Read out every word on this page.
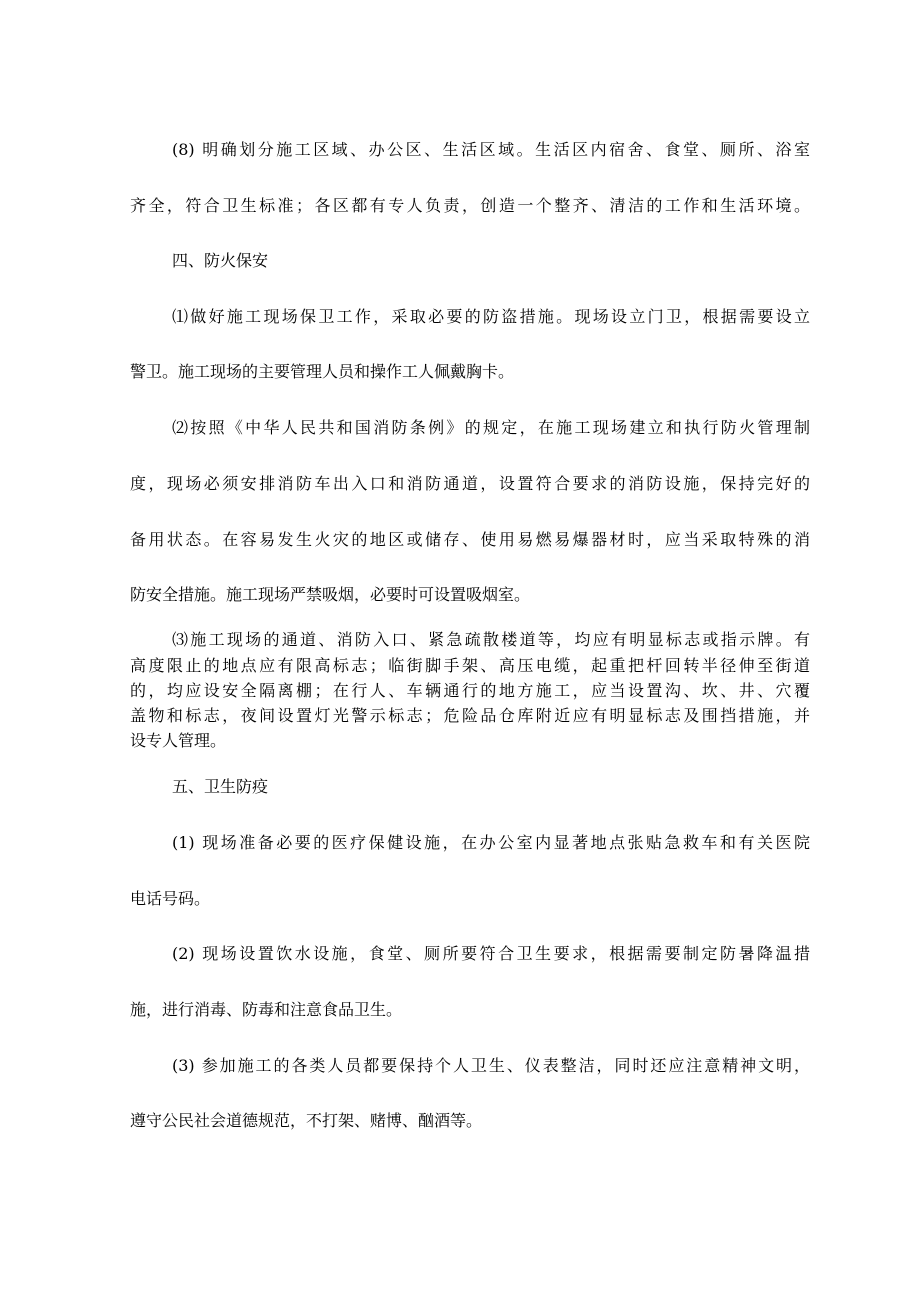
(8) 明确划分施工区域、办公区、生活区域。生活区内宿舍、食堂、厕所、浴室

齐全，符合卫生标准；各区都有专人负责，创造一个整齐、清洁的工作和生活环境。

四、防火保安

⑴做好施工现场保卫工作，采取必要的防盗措施。现场设立门卫，根据需要设立

警卫。施工现场的主要管理人员和操作工人佩戴胸卡。

⑵按照《中华人民共和国消防条例》的规定，在施工现场建立和执行防火管理制

度，现场必须安排消防车出入口和消防通道，设置符合要求的消防设施，保持完好的

备用状态。在容易发生火灾的地区或储存、使用易燃易爆器材时，应当采取特殊的消

防安全措施。施工现场严禁吸烟，必要时可设置吸烟室。

⑶施工现场的通道、消防入口、紧急疏散楼道等，均应有明显标志或指示牌。有

高度限止的地点应有限高标志；临街脚手架、高压电缆，起重把杆回转半径伸至街道

的，均应设安全隔离棚；在行人、车辆通行的地方施工，应当设置沟、坎、井、穴覆

盖物和标志，夜间设置灯光警示标志；危险品仓库附近应有明显标志及围挡措施，并

设专人管理。

五、卫生防疫

(1) 现场准备必要的医疗保健设施，在办公室内显著地点张贴急救车和有关医院

电话号码。

(2) 现场设置饮水设施，食堂、厕所要符合卫生要求，根据需要制定防暑降温措

施，进行消毒、防毒和注意食品卫生。

(3) 参加施工的各类人员都要保持个人卫生、仪表整洁，同时还应注意精神文明，

遵守公民社会道德规范，不打架、赌博、酗酒等。
